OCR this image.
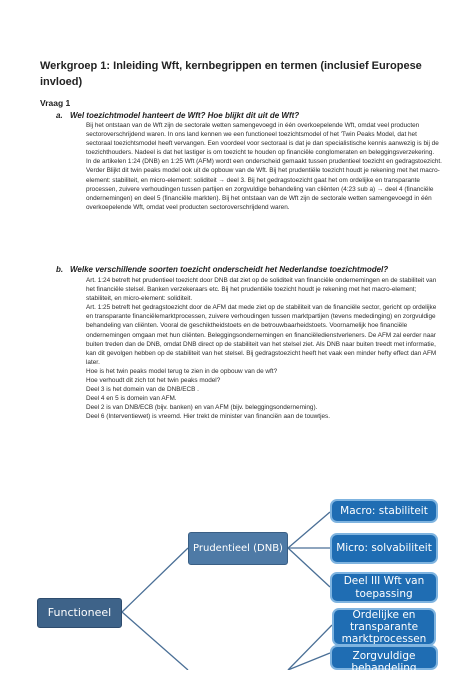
Werkgroep 1: Inleiding Wft, kernbegrippen en termen (inclusief Europese invloed)
Vraag 1
a. Wel toezichtmodel hanteert de Wft? Hoe blijkt dit uit de Wft?

Bij het ontstaan van de Wft zijn de sectorale wetten samengevoegd in één overkoepelende Wft, omdat veel producten sectoroverschrijdend waren. In ons land kennen we een functioneel toezichtsmodel of het 'Twin Peaks Model, dat het sectoraal toezichtsmodel heeft vervangen. Een voordeel voor sectoraal is dat je dan specialistische kennis aanwezig is bij de toezichthouders. Nadeel is dat het lastiger is om toezicht te houden op financiële conglomeraten en beleggingsverzekering.

In de artikelen 1:24 (DNB) en 1:25 Wft (AFM) wordt een onderscheid gemaakt tussen prudentieel toezicht en gedragstoezicht. Verder Blijkt dit twin peaks model ook uit de opbouw van de Wft. Bij het prudentiële toezicht houdt je rekening met het macro-element: stabiliteit, en micro-element: soliditeit → deel 3. Bij het gedragstoezicht gaat het om ordelijke en transparante processen, zuivere verhoudingen tussen partijen en zorgvuldige behandeling van cliënten (4:23 sub a) → deel 4 (financiële ondernemingen) en deel 5 (financiële markten). Bij het ontstaan van de Wft zijn de sectorale wetten samengevoegd in één overkoepelende Wft, omdat veel producten sectoroverschrijdend waren.

b. Welke verschillende soorten toezicht onderscheidt het Nederlandse toezichtmodel?

Art. 1:24 betreft het prudentieel toezicht door DNB dat ziet op de soliditeit van financiële ondernemingen en de stabiliteit van het financiële stelsel. Banken verzekeraars etc. Bij het prudentiële toezicht houdt je rekening met het macro-element; stabiliteit, en micro-element: soliditeit.

Art. 1:25 betreft het gedragstoezicht door de AFM dat mede ziet op de stabiliteit van de financiële sector, gericht op ordelijke en transparante financiëlemarktprocessen, zuivere verhoudingen tussen marktpartijen (tevens mededinging) en zorgvuldige behandeling van cliënten. Vooral de geschiktheidstoets en de betrouwbaarheidstoets. Voornamelijk hoe financiële ondernemingen omgaan met hun cliënten. Beleggingsondernemingen en financiëledienstverleners. De AFM zal eerder naar buiten treden dan de DNB, omdat DNB direct op de stabiliteit van het stelsel ziet. Als DNB naar buiten treedt met informatie, kan dit gevolgen hebben op de stabiliteit van het stelsel. Bij gedragstoezicht heeft het vaak een minder hefty effect dan AFM later.

Hoe is het twin peaks model terug te zien in de opbouw van de wft?

Hoe verhoudt dit zich tot het twin peaks model?

Deel 3 is het domein van de DNB/ECB .

Deel 4 en 5 is domein van AFM.

Deel 2 is van DNB/ECB (bijv. banken) en van AFM (bijv. beleggingsonderneming).

Deel 6 (Interventiewet) is vreemd. Hier trekt de minister van financiën aan de touwtjes.

Functioneel
Prudentieel (DNB)
Macro: stabiliteit
Micro: solvabiliteit
Deel III Wft van toepassing
Ordelijke en transparante marktprocessen
Zorgvuldige behandeling
